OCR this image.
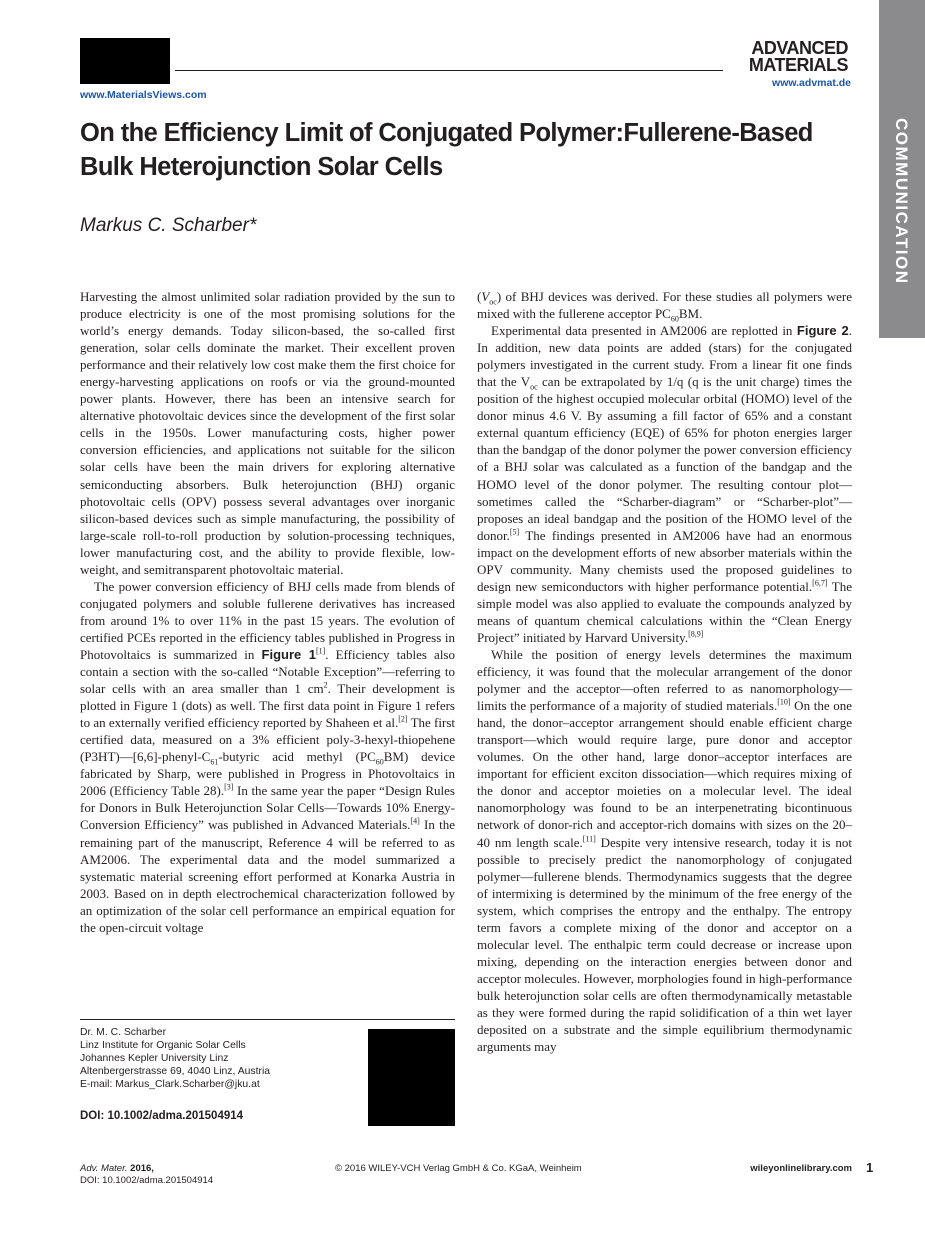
www.MaterialsViews.com
ADVANCED
MATERIALS
www.advmat.de
COMMUNICATION
On the Efficiency Limit of Conjugated Polymer:Fullerene-Based
Bulk Heterojunction Solar Cells
Markus C. Scharber*

Harvesting the almost unlimited solar radiation provided by the sun to produce electricity is one of the most promising solutions for the world’s energy demands. Today silicon-based, the so-called first generation, solar cells dominate the market. Their excellent proven performance and their relatively low cost make them the first choice for energy-harvesting applications on roofs or via the ground-mounted power plants. However, there has been an intensive search for alternative photovoltaic devices since the development of the first solar cells in the 1950s. Lower manufacturing costs, higher power conversion efficiencies, and applications not suitable for the silicon solar cells have been the main drivers for exploring alternative semiconducting absorbers. Bulk heterojunction (BHJ) organic photovoltaic cells (OPV) possess several advantages over inorganic silicon-based devices such as simple manufacturing, the possibility of large-scale roll-to-roll production by solution-processing techniques, lower manufacturing cost, and the ability to provide flexible, low-weight, and semitransparent photovoltaic material.

The power conversion efficiency of BHJ cells made from blends of conjugated polymers and soluble fullerene derivatives has increased from around 1% to over 11% in the past 15 years. The evolution of certified PCEs reported in the efficiency tables published in Progress in Photovoltaics is summarized in Figure 1[1]. Efficiency tables also contain a section with the so-called “Notable Exception”—referring to solar cells with an area smaller than 1 $cm^2$. Their development is plotted in Figure 1 (dots) as well. The first data point in Figure 1 refers to an externally verified efficiency reported by Shaheen et al.[2] The first certified data, measured on a 3% efficient poly-3-hexyl-thiopehene $(P3HT)—[6,6]-phenyl-C_{61}$-butyric acid methyl $(PC_{60}BM)$ device fabricated by Sharp, were published in Progress in Photovoltaics in 2006 (Efficiency Table 28).[3] In the same year the paper “Design Rules for Donors in Bulk Heterojunction Solar Cells—Towards 10% Energy-Conversion Efficiency” was published in Advanced Materials.[4] In the remaining part of the manuscript, Reference 4 will be referred to as AM2006. The experimental data and the model summarized a systematic material screening effort performed at Konarka Austria in 2003. Based on in depth electrochemical characterization followed by an optimization of the solar cell performance an empirical equation for the open-circuit voltage

Dr. M. C. Scharber
Linz Institute for Organic Solar Cells
Johannes Kepler University Linz
Altenbergerstrasse 69, 4040 Linz, Austria
E-mail: Markus_Clark.Scharber@jku.at
DOI: 10.1002/adma.201504914

$(V_{oc})$ of BHJ devices was derived. For these studies all polymers were mixed with the fullerene acceptor $PC_{60}BM$.

Experimental data presented in AM2006 are replotted in Figure 2. In addition, new data points are added (stars) for the conjugated polymers investigated in the current study. From a linear fit one finds that the $V_{oc}$ can be extrapolated by 1/q (q is the unit charge) times the position of the highest occupied molecular orbital (HOMO) level of the donor minus 4.6 V. By assuming a fill factor of 65% and a constant external quantum efficiency (EQE) of 65% for photon energies larger than the bandgap of the donor polymer the power conversion efficiency of a BHJ solar was calculated as a function of the bandgap and the HOMO level of the donor polymer. The resulting contour plot—sometimes called the “Scharber-diagram” or “Scharber-plot”—proposes an ideal bandgap and the position of the HOMO level of the donor.[5] The findings presented in AM2006 have had an enormous impact on the development efforts of new absorber materials within the OPV community. Many chemists used the proposed guidelines to design new semiconductors with higher performance potential.[6,7] The simple model was also applied to evaluate the compounds analyzed by means of quantum chemical calculations within the “Clean Energy Project” initiated by Harvard University.[8,9]

While the position of energy levels determines the maximum efficiency, it was found that the molecular arrangement of the donor polymer and the acceptor—often referred to as nanomorphology—limits the performance of a majority of studied materials.[10] On the one hand, the donor–acceptor arrangement should enable efficient charge transport—which would require large, pure donor and acceptor volumes. On the other hand, large donor–acceptor interfaces are important for efficient exciton dissociation—which requires mixing of the donor and acceptor moieties on a molecular level. The ideal nanomorphology was found to be an interpenetrating bicontinuous network of donor-rich and acceptor-rich domains with sizes on the 20–40 nm length scale.[11] Despite very intensive research, today it is not possible to precisely predict the nanomorphology of conjugated polymer—fullerene blends. Thermodynamics suggests that the degree of intermixing is determined by the minimum of the free energy of the system, which comprises the entropy and the enthalpy. The entropy term favors a complete mixing of the donor and acceptor on a molecular level. The enthalpic term could decrease or increase upon mixing, depending on the interaction energies between donor and acceptor molecules. However, morphologies found in high-performance bulk heterojunction solar cells are often thermodynamically metastable as they were formed during the rapid solidification of a thin wet layer deposited on a substrate and the simple equilibrium thermodynamic arguments may

Adv. Mater. 2016,
DOI: 10.1002/adma.201504914
© 2016 WILEY-VCH Verlag GmbH & Co. KGaA, Weinheim	wileyonlinelibrary.com 1
